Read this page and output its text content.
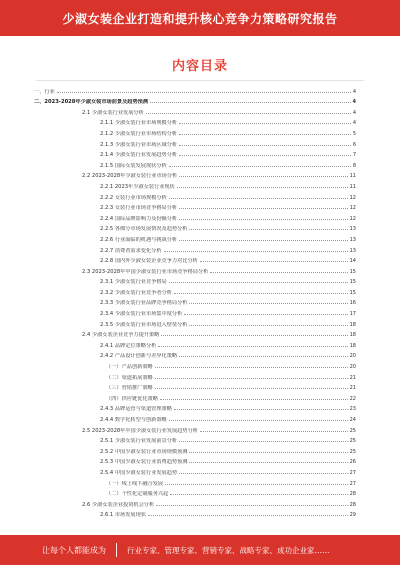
少淑女装企业打造和提升核心竞争力策略研究报告
内容目录
一、行业	4
二、2023-2028年少淑女装市场前景及趋势预测	4
2.1 少淑女装行业发展分析	4
2.1.1 少淑女装行业市场规模分析	4
2.1.2 少淑女装行业市场结构分析	5
2.1.3 少淑女装行业市场区域分析	6
2.1.4 少淑女装行业发展趋势分析	7
2.1.5 国际女装发展现状分析	8
2.2 2023-2028年少淑女装行业市场分析	11
2.2.1 2023年少淑女装行业现状	11
2.2.2 女装行业市场规模分析	12
2.2.3 女装行业市场竞争格局分析	12
2.2.4 国际品牌影响力及份额分析	12
2.2.5 各细分市场发展情况及趋势分析	13
2.2.6 行业面临的机遇与挑战分析	13
2.2.7 消费者需求变化分析	13
2.2.8 国内外少淑女装企业竞争力对比分析	14
2.3 2023-2028年中国少淑女装行业市场竞争格局分析	15
2.3.1 少淑女装行业竞争格局	15
2.3.2 少淑女装行业竞争者分析	15
2.3.3 少淑女装行业品牌竞争格局分析	16
2.3.4 少淑女装行业市场集中度分析	17
2.3.5 少淑女装行业市场进入壁垒分析	18
2.4 少淑女装企业竞争力提升策略	18
2.4.1 品牌定位策略分析	18
2.4.2 产品设计创新与差异化策略	20
（一）产品创新策略	20
（二）渠道拓展策略	21
（三）营销推广策略	21
（四）供应链优化策略	22
2.4.3 品牌运营与渠道管理策略	23
2.4.4 数字化转型与创新策略	24
2.5 2023-2028年中国少淑女装行业发展趋势分析	25
2.5.1 少淑女装行业发展前景分析	25
2.5.2 中国少淑女装行业市场规模预测	25
2.5.3 中国少淑女装行业消费趋势预测	26
2.5.4 中国少淑女装行业发展趋势	27
（一）线上线下融合发展	27
（二）个性化定制服务兴起	28
2.6 少淑女装企业投资机会分析	28
2.6.1 市场发展现状	29
让每个人都能成为	行业专家、管理专家、营销专家、战略专家、成功企业家……
